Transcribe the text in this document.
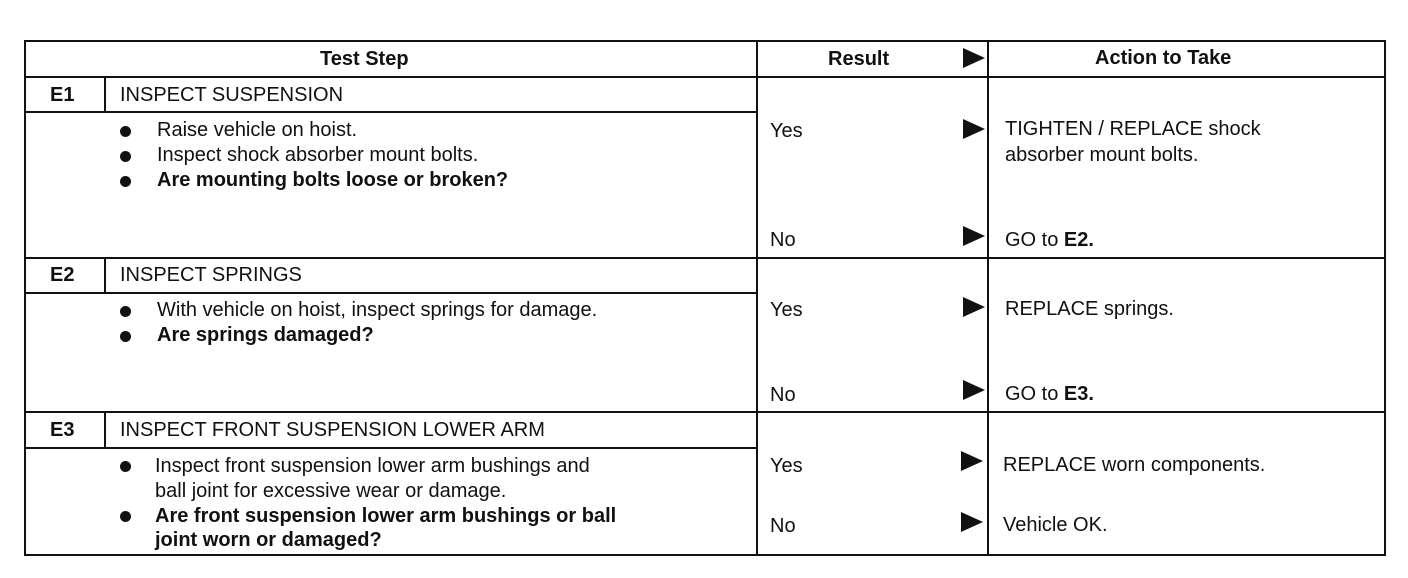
Test Step	Result	Action to Take
E1 INSPECT SUSPENSION
Raise vehicle on hoist.
Inspect shock absorber mount bolts.
Are mounting bolts loose or broken?
Yes	TIGHTEN / REPLACE shock
absorber mount bolts.
No	GO to E2.
E2 INSPECT SPRINGS
With vehicle on hoist, inspect springs for damage.
Are springs damaged?
Yes	REPLACE springs.
No	GO to E3.
E3 INSPECT FRONT SUSPENSION LOWER ARM
Inspect front suspension lower arm bushings and
ball joint for excessive wear or damage.
Are front suspension lower arm bushings or ball
joint worn or damaged?
Yes	REPLACE worn components.
No	Vehicle OK.
